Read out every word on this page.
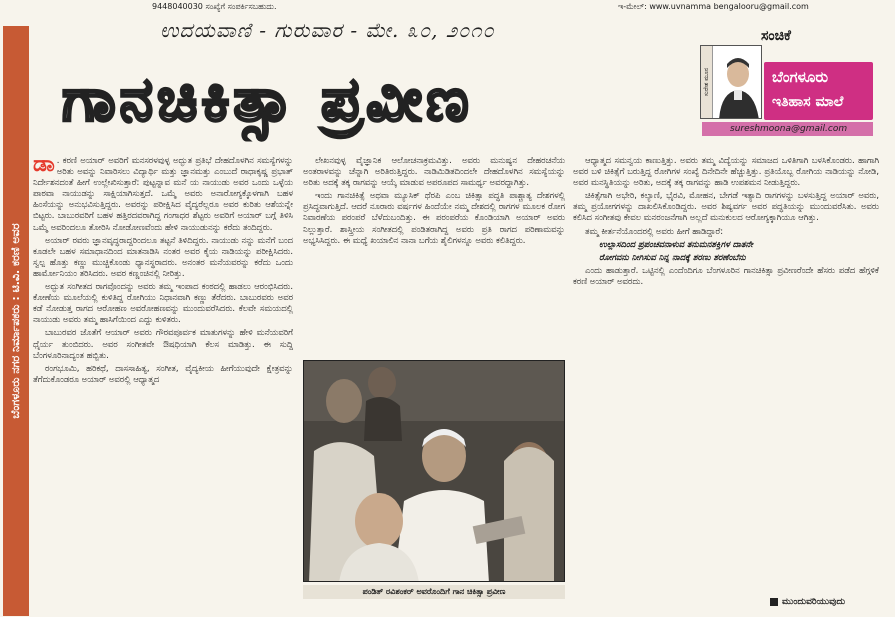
9448040030 ಸಂಖ್ಯೆಗೆ ಸಂಪರ್ಕಿಸಬಹುದು.	ಇ-ಮೇಲ್: www.uvnamma bengalooru@gmail.com
ಬೆಂಗಳೂರು ನಗರ ನಿರ್ಮಾಪಕರು : ಟಿ.ವಿ. ಕರಣಿ ಅವರ
ಉದಯವಾಣಿ - ಗುರುವಾರ - ಮೇ. ೩೦, ೨೦೧೦	ಸಂಚಿಕೆ
ಗಾನಚಿಕಿತ್ಸಾ ಪ್ರವೀಣ	ಸುರೇಶ ಮೂನ	ಬೆಂಗಳೂರು
ಇತಿಹಾಸ ಮಾಲೆ
sureshmoona@gmail.com

ಡಾ . ಕರಣಿ ಅಯಾರ್ ಅವರಿಗೆ ಮನಸರಳವುಳ್ಳ ಅದ್ಭುತ ಪ್ರತಿಭೆ ದೇಹದೊಳಗಿನ ಸಮಸ್ಯೆಗಳನ್ನು ಅರಿತು ಅವನ್ನು ನಿವಾರಿಸಲು ವಿದ್ಯಾರ್ಥಿ ಮತ್ತು ಜ್ಞಾನಮತ್ತು ಎಂಬುದೆ ರಾಧಾಕೃಷ್ಣ ಪ್ರಭಾತ್ ನಿರ್ದೇಶನದಂತೆ ಹೀಗೆ ಉಲ್ಲೇಖಿಸುತ್ತಾರೆ: ಪುಟ್ಟನ್ನಾವ ಮನೆ ಯ ನಾಯುಡು ಅವರ ಒಂದು ಒಳ್ಳೆಯ ಪಾಠವಾ ನಾಯುಡನ್ನು ಸಾಕ್ಷಿಯಾಗಿಸುತ್ತದೆ. ಒಮ್ಮೆ ಅವರು ಅನಾರೋಗ್ಯಕ್ಕೊಳಗಾಗಿ ಬಹಳ ಹಿಂಸೆಯನ್ನು ಅನುಭವಿಸುತ್ತಿದ್ದರು. ಅವರನ್ನು ಪರೀಕ್ಷಿಸಿದ ವೈದ್ಯರೆಲ್ಲರೂ ಅವರ ಕುರಿತು ಆಶೆಯನ್ನೇ ಬಿಟ್ಟರು. ಬಾಬುರವರಿಗೆ ಬಹಳ ಹತ್ತಿರದವರಾಗಿದ್ದ ಗಂಗಾಧರ ಶೆಟ್ಟರು ಅವರಿಗೆ ಅಯಾರ್ ಬಗ್ಗೆ ತಿಳಿಸಿ ಒಮ್ಮೆ ಅವರಿಂದಲೂ ತೋರಿಸಿ ನೋಡೋಣವೆಂದು ಹೇಳಿ ನಾಯುಡುನನ್ನು ಕರೆದು ತಂದಿದ್ದರು.

ಅಯಾರ್ ರವರು ಜ್ಞಾನವೃದ್ಧರಾದ್ದರಿಂದಲೂ ತಟ್ಟನೆ ತಿಳಿದಿದ್ದರು. ನಾಯುಡು ನನ್ನು ಮನೆಗೆ ಬಂದ ಕೂಡಲೇ ಬಹಳ ಸಮಾಧಾನದಿಂದ ಮಾತನಾಡಿಸಿ ನಂತರ ಅವರ ಕೈಯ ನಾಡಿಯನ್ನು ಪರೀಕ್ಷಿಸಿದರು. ಸ್ವಲ್ಪ ಹೊತ್ತು ಕಣ್ಣು ಮುಚ್ಚಿಕೊಂಡು ಧ್ಯಾನಸ್ಥರಾದರು. ಅನಂತರ ಮನೆಯವರನ್ನು ಕರೆದು ಒಂದು ಹಾರ್ಮೋನಿಯಂ ತರಿಸಿದರು. ಅವರ ಕಣ್ಣಂಚಿನಲ್ಲಿ ನೀರಿತ್ತು.

ಅದ್ಭುತ ಸಂಗೀತದ ರಾಗವೊಂದನ್ನು ಅವರು ತಮ್ಮ ಇಂಪಾದ ಕಂಠದಲ್ಲಿ ಹಾಡಲು ಆರಂಭಿಸಿದರು. ಕೋಣೆಯ ಮೂಲೆಯಲ್ಲಿ ಕುಳಿತಿದ್ದ ರೋಗಿಯು ನಿಧಾನವಾಗಿ ಕಣ್ಣು ತೆರೆದರು. ಬಾಬುರವರು ಅವರ ಕಡೆ ನೋಡುತ್ತ ರಾಗದ ಆರೋಹಣ ಅವರೋಹಣವನ್ನು ಮುಂದುವರೆಸಿದರು. ಕೆಲವೇ ಸಮಯದಲ್ಲಿ ನಾಯುಡು ಅವರು ತಮ್ಮ ಹಾಸಿಗೆಯಿಂದ ಎದ್ದು ಕುಳಿತರು.

ಬಾಬುರವರ ಜೊತೆಗೆ ಆಯಾರ್ ಅವರು ಗೌರವಪೂರ್ವಕ ಮಾತುಗಳನ್ನು ಹೇಳಿ ಮನೆಯವರಿಗೆ ಧೈರ್ಯ ತುಂಬಿದರು. ಅವರ ಸಂಗೀತವೇ ಔಷಧಿಯಾಗಿ ಕೆಲಸ ಮಾಡಿತ್ತು. ಈ ಸುದ್ದಿ ಬೆಂಗಳೂರಿನಾದ್ಯಂತ ಹಬ್ಬಿತು.

ರಂಗಭೂಮಿ, ಹರಿಕಥೆ, ದಾಸಸಾಹಿತ್ಯ, ಸಂಗೀತ, ವೈದ್ಯಕೀಯ ಹೀಗೆಯುವುದೇ ಕ್ಷೇತ್ರವನ್ನು ತೆಗೆದುಕೊಂಡರೂ ಅಯಾರ್ ಅವರಲ್ಲಿ ಆಧ್ಯಾತ್ಮದ

ಲೇಖನವುಳ್ಳ ವೈಜ್ಞಾನಿಕ ಆಲೋಚನಾಕ್ರಮವಿತ್ತು. ಅವರು ಮನುಷ್ಯನ ದೇಹರಚನೆಯ ಅಂತರಾಳವನ್ನು ಚೆನ್ನಾಗಿ ಅರಿತಿರುತ್ತಿದ್ದರು. ನಾಡಿಮಿಡಿತದಿಂದಲೇ ದೇಹದೊಳಗಿನ ಸಮಸ್ಯೆಯನ್ನು ಅರಿತು ಅದಕ್ಕೆ ತಕ್ಕ ರಾಗವನ್ನು ಆಯ್ಕೆ ಮಾಡುವ ಅಪರೂಪದ ಸಾಮರ್ಥ್ಯ ಅವರದ್ದಾಗಿತ್ತು.

ಇಂದು ಗಾನಚಿಕಿತ್ಸೆ ಅಥವಾ ಮ್ಯೂಸಿಕ್ ಥೆರಪಿ ಎಂಬ ಚಿಕಿತ್ಸಾ ಪದ್ಧತಿ ಪಾಶ್ಚಾತ್ಯ ದೇಶಗಳಲ್ಲಿ ಪ್ರಸಿದ್ಧವಾಗುತ್ತಿದೆ. ಆದರೆ ನೂರಾರು ವರ್ಷಗಳ ಹಿಂದೆಯೇ ನಮ್ಮ ದೇಶದಲ್ಲಿ ರಾಗಗಳ ಮೂಲಕ ರೋಗ ನಿವಾರಣೆಯ ಪರಂಪರೆ ಬೆಳೆದುಬಂದಿತ್ತು. ಈ ಪರಂಪರೆಯ ಕೊಂಡಿಯಾಗಿ ಅಯಾರ್ ಅವರು ನಿಲ್ಲುತ್ತಾರೆ. ಶಾಸ್ತ್ರೀಯ ಸಂಗೀತದಲ್ಲಿ ಪಂಡಿತರಾಗಿದ್ದ ಅವರು ಪ್ರತಿ ರಾಗದ ಪರಿಣಾಮವನ್ನು ಅಭ್ಯಸಿಸಿದ್ದರು. ಈ ಮಧ್ಯೆ ಖಯಾಲಿನ ನಾನಾ ಬಗೆಯ ಶೈಲಿಗಳನ್ನೂ ಅವರು ಕಲಿತಿದ್ದರು.

ಪಂಡಿತ್ ರವಿಶಂಕರ್ ಅವರೊಂದಿಗೆ ಗಾನ ಚಿಕಿತ್ಸಾ ಪ್ರವೀಣ

ಆಧ್ಯಾತ್ಮದ ಸಮನ್ವಯ ಕಾಣುತ್ತಿತ್ತು. ಅವರು ತಮ್ಮ ವಿದ್ಯೆಯನ್ನು ಸಮಾಜದ ಒಳಿತಿಗಾಗಿ ಬಳಸಿಕೊಂಡರು. ಹಾಗಾಗಿ ಅವರ ಬಳಿ ಚಿಕಿತ್ಸೆಗೆ ಬರುತ್ತಿದ್ದ ರೋಗಿಗಳ ಸಂಖ್ಯೆ ದಿನೇದಿನೇ ಹೆಚ್ಚುತ್ತಿತ್ತು. ಪ್ರತಿಯೊಬ್ಬ ರೋಗಿಯ ನಾಡಿಯನ್ನು ನೋಡಿ, ಅವರ ಮನಸ್ಥಿತಿಯನ್ನು ಅರಿತು, ಅದಕ್ಕೆ ತಕ್ಕ ರಾಗವನ್ನು ಹಾಡಿ ಉಪಶಮನ ನೀಡುತ್ತಿದ್ದರು.

ಚಿಕಿತ್ಸೆಗಾಗಿ ಅಭೇರಿ, ಕಲ್ಯಾಣಿ, ಭೈರವಿ, ಮೋಹನ, ಬೇಗಡೆ ಇತ್ಯಾದಿ ರಾಗಗಳನ್ನು ಬಳಸುತ್ತಿದ್ದ ಅಯಾರ್ ಅವರು, ತಮ್ಮ ಪ್ರಯೋಗಗಳನ್ನು ದಾಖಲಿಸಿಕೊಂಡಿದ್ದರು. ಅವರ ಶಿಷ್ಯವರ್ಗ ಅವರ ಪದ್ಧತಿಯನ್ನು ಮುಂದುವರೆಸಿತು. ಅವರು ಕಲಿಸಿದ ಸಂಗೀತವು ಕೇವಲ ಮನರಂಜನೆಗಾಗಿ ಅಲ್ಲದೆ ಮನುಕುಲದ ಆರೋಗ್ಯಕ್ಕಾಗಿಯೂ ಆಗಿತ್ತು.

ತಮ್ಮ ಕೀರ್ತನೆಯೊಂದರಲ್ಲಿ ಅವರು ಹೀಗೆ ಹಾಡಿದ್ದಾರೆ:

ಉಲ್ಲಾಸದಿಂದ ಪ್ರಪಂಚವನಾಳುವ ತನುಮನಶಕ್ತಿಗಳ ದಾತನೇ

ರೋಗವನು ನೀಗಿಸುವ ನಿನ್ನ ನಾದಕ್ಕೆ ಶರಣು ಶರಣೆಂಬೆನು

ಎಂದು ಹಾಡುತ್ತಾರೆ. ಒಟ್ಟಿನಲ್ಲಿ ಎಂದೆಂದಿಗೂ ಬೆಂಗಳೂರಿನ ಗಾನಚಿಕಿತ್ಸಾ ಪ್ರವೀಣರೆಂದೇ ಹೆಸರು ಪಡೆದ ಹೆಗ್ಗಳಿಕೆ ಕರಣಿ ಅಯಾರ್ ಅವರದು.

ಮುಂದುವರಿಯುವುದು
